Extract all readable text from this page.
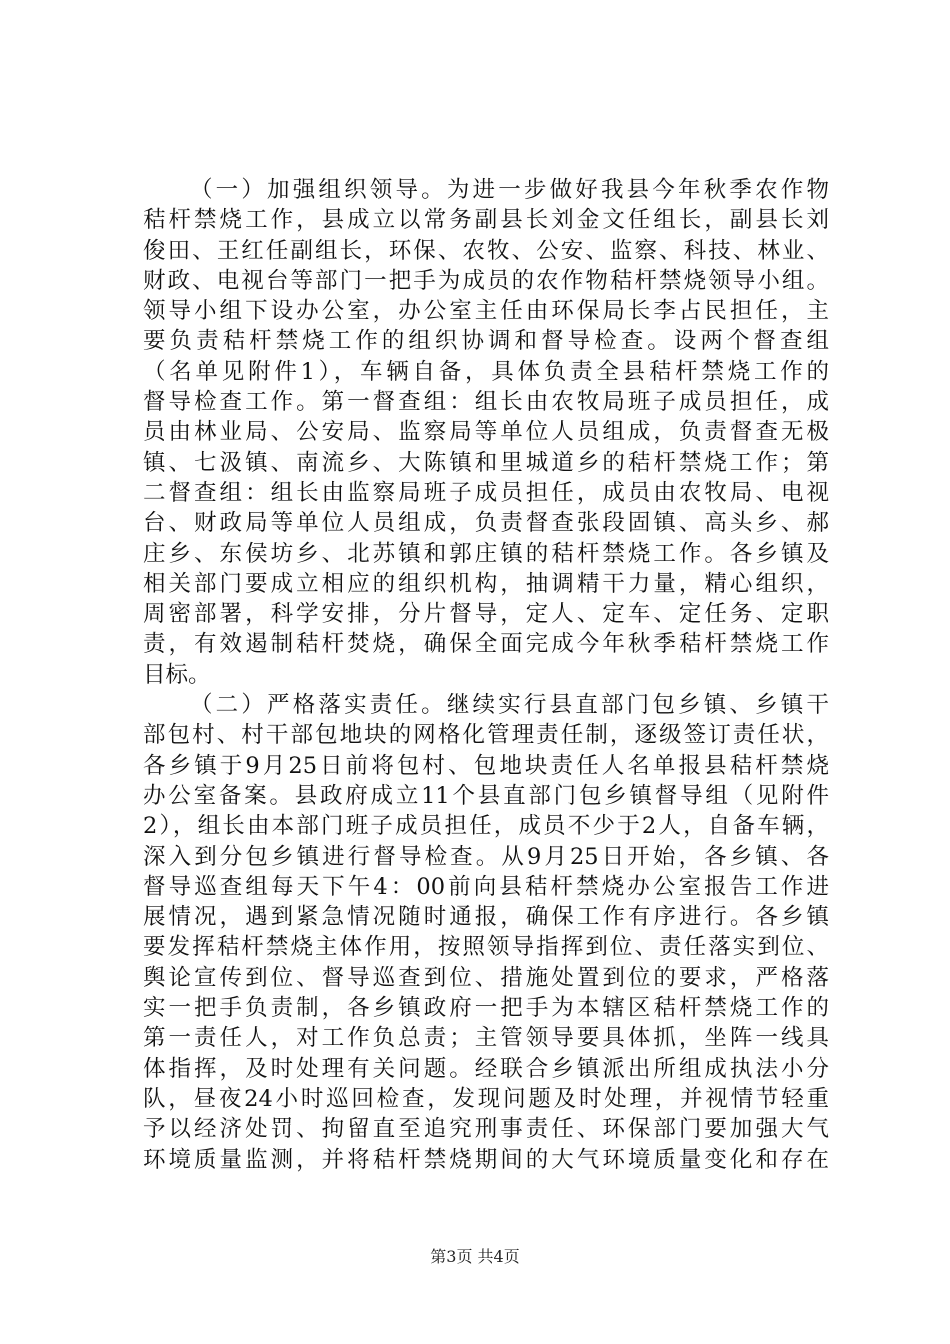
（一）加强组织领导。为进一步做好我县今年秋季农作物
秸杆禁烧工作，县成立以常务副县长刘金文任组长，副县长刘
俊田、王红任副组长，环保、农牧、公安、监察、科技、林业、
财政、电视台等部门一把手为成员的农作物秸杆禁烧领导小组。
领导小组下设办公室，办公室主任由环保局长李占民担任，主
要负责秸杆禁烧工作的组织协调和督导检查。设两个督查组
（名单见附件1），车辆自备，具体负责全县秸杆禁烧工作的
督导检查工作。第一督查组：组长由农牧局班子成员担任，成
员由林业局、公安局、监察局等单位人员组成，负责督查无极
镇、七汲镇、南流乡、大陈镇和里城道乡的秸杆禁烧工作；第
二督查组：组长由监察局班子成员担任，成员由农牧局、电视
台、财政局等单位人员组成，负责督查张段固镇、高头乡、郝
庄乡、东侯坊乡、北苏镇和郭庄镇的秸杆禁烧工作。各乡镇及
相关部门要成立相应的组织机构，抽调精干力量，精心组织，
周密部署，科学安排，分片督导，定人、定车、定任务、定职
责，有效遏制秸杆焚烧，确保全面完成今年秋季秸杆禁烧工作
目标。
（二）严格落实责任。继续实行县直部门包乡镇、乡镇干
部包村、村干部包地块的网格化管理责任制，逐级签订责任状，
各乡镇于9月25日前将包村、包地块责任人名单报县秸杆禁烧
办公室备案。县政府成立11个县直部门包乡镇督导组（见附件
2），组长由本部门班子成员担任，成员不少于2人，自备车辆，
深入到分包乡镇进行督导检查。从9月25日开始，各乡镇、各
督导巡查组每天下午4：00前向县秸杆禁烧办公室报告工作进
展情况，遇到紧急情况随时通报，确保工作有序进行。各乡镇
要发挥秸杆禁烧主体作用，按照领导指挥到位、责任落实到位、
舆论宣传到位、督导巡查到位、措施处置到位的要求，严格落
实一把手负责制，各乡镇政府一把手为本辖区秸杆禁烧工作的
第一责任人，对工作负总责；主管领导要具体抓，坐阵一线具
体指挥，及时处理有关问题。经联合乡镇派出所组成执法小分
队，昼夜24小时巡回检查，发现问题及时处理，并视情节轻重
予以经济处罚、拘留直至追究刑事责任、环保部门要加强大气
环境质量监测，并将秸杆禁烧期间的大气环境质量变化和存在
第3页 共4页
